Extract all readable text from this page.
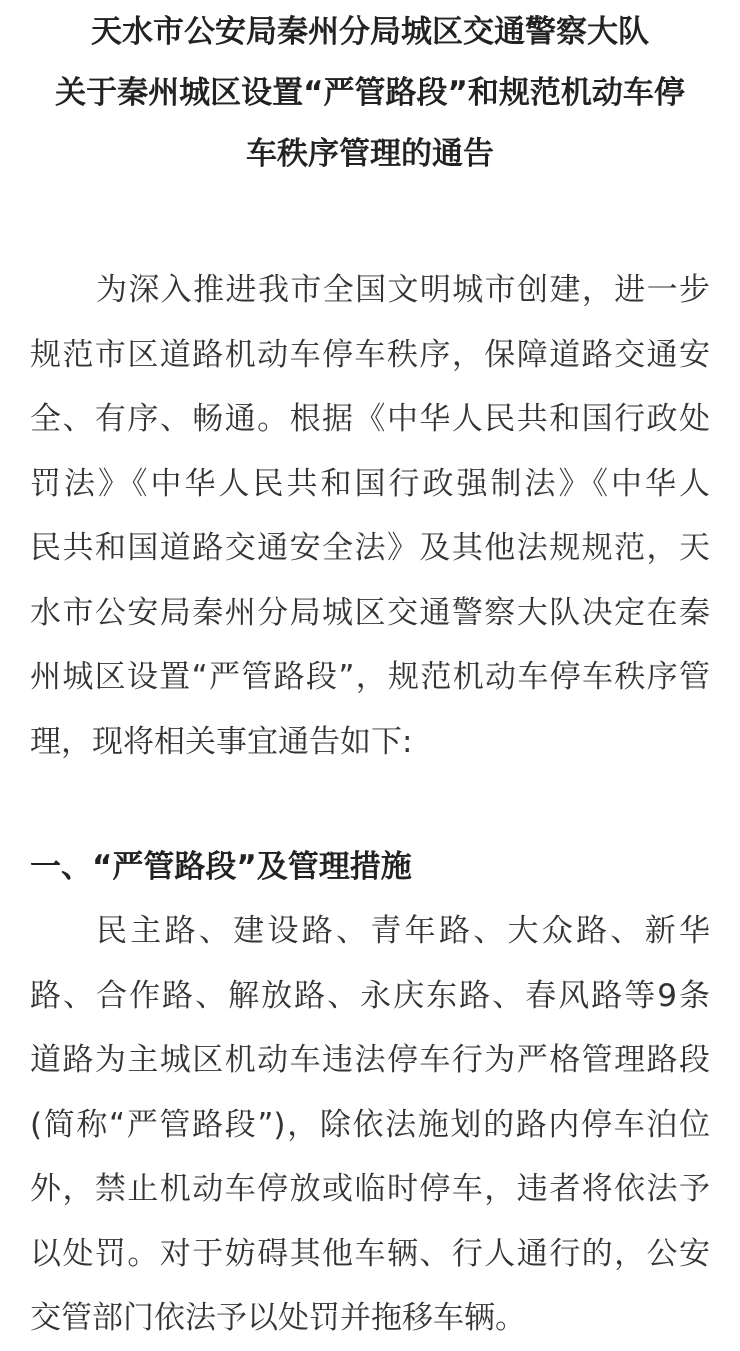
天水市公安局秦州分局城区交通警察大队
关于秦州城区设置“严管路段”和规范机动车停
车秩序管理的通告
为深入推进我市全国文明城市创建，进一步
规范市区道路机动车停车秩序，保障道路交通安
全、有序、畅通。根据《中华人民共和国行政处
罚法》《中华人民共和国行政强制法》《中华人
民共和国道路交通安全法》及其他法规规范，天
水市公安局秦州分局城区交通警察大队决定在秦
州城区设置“严管路段”，规范机动车停车秩序管
理，现将相关事宜通告如下:
一、“严管路段”及管理措施
民主路、建设路、青年路、大众路、新华
路、合作路、解放路、永庆东路、春风路等9条
道路为主城区机动车违法停车行为严格管理路段
(简称“严管路段”)，除依法施划的路内停车泊位
外，禁止机动车停放或临时停车，违者将依法予
以处罚。对于妨碍其他车辆、行人通行的，公安
交管部门依法予以处罚并拖移车辆。
